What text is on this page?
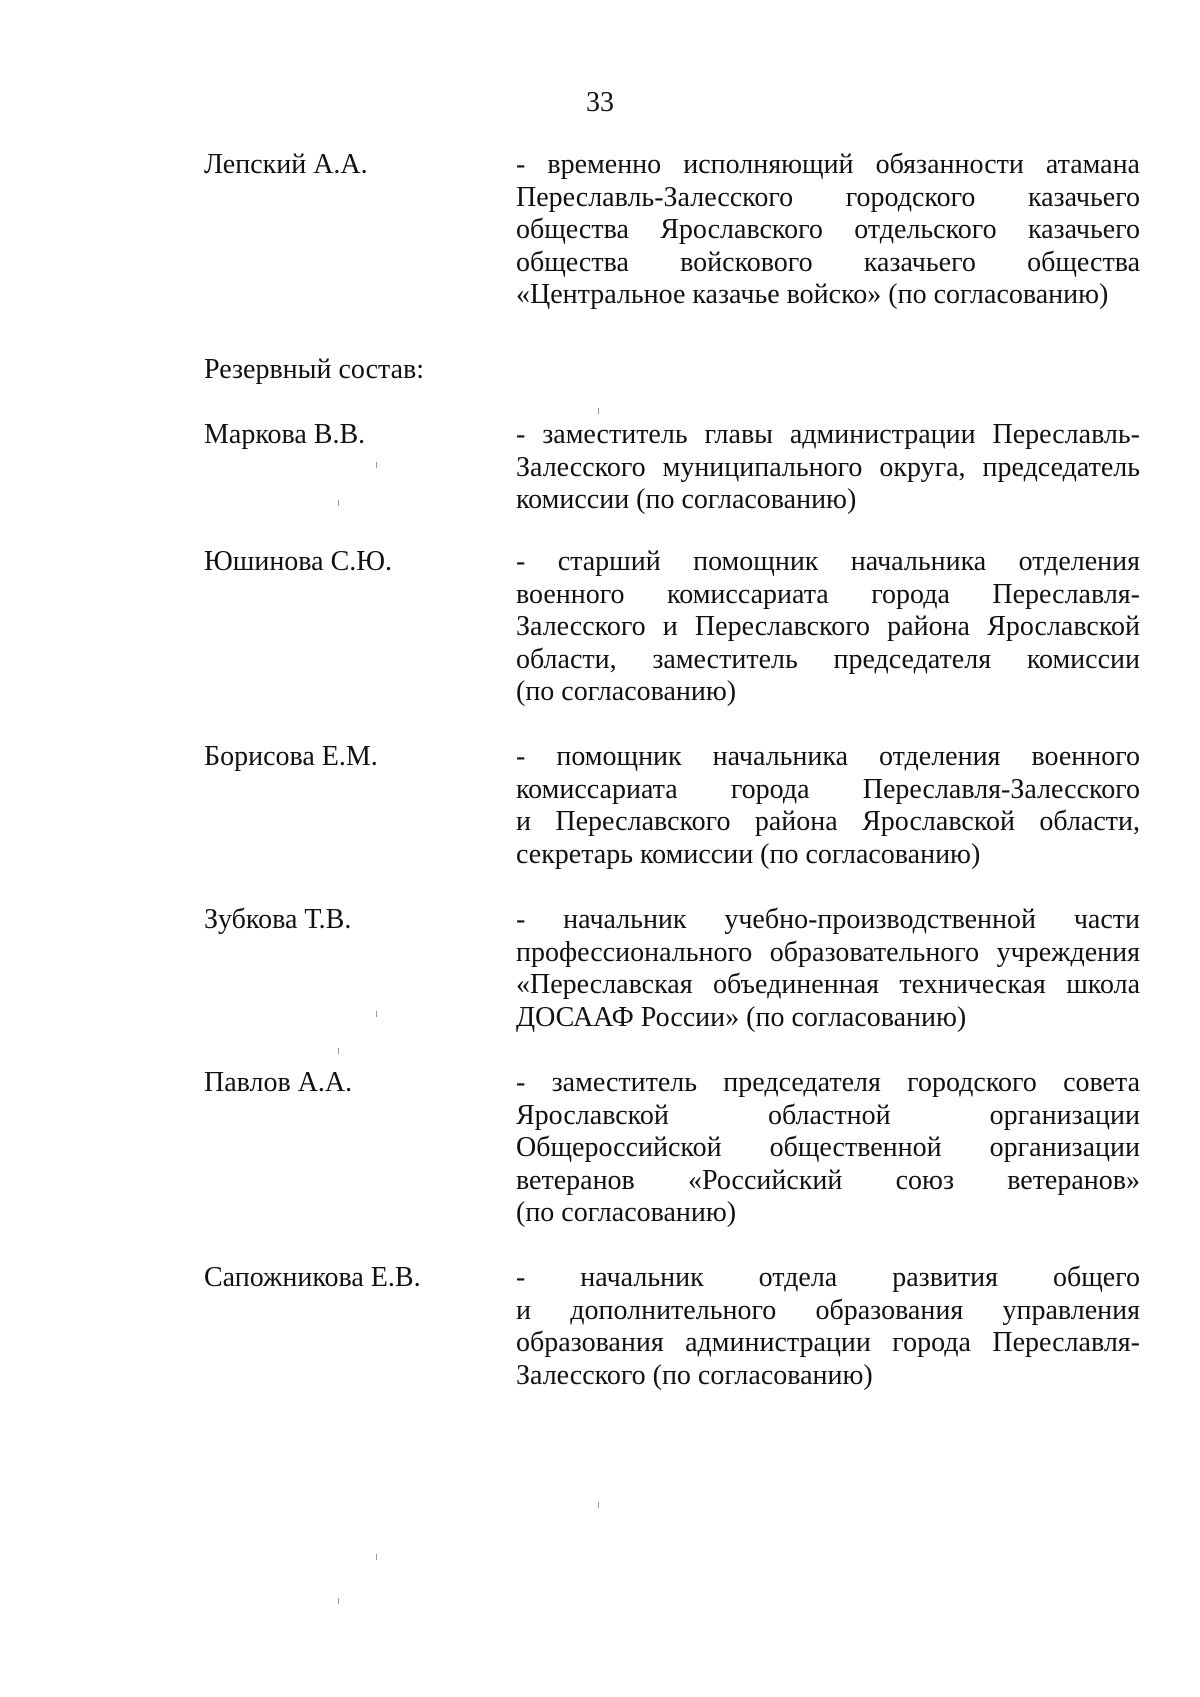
33
Лепский А.А.	- временно исполняющий обязанности атамана
Переславль-Залесского городского казачьего
общества Ярославского отдельского казачьего
общества войскового казачьего общества
«Центральное казачье войско» (по согласованию)
Резервный состав:
Маркова В.В.	- заместитель главы администрации Переславль-
Залесского муниципального округа, председатель
комиссии (по согласованию)
Юшинова С.Ю.	- старший помощник начальника отделения
военного комиссариата города Переславля-
Залесского и Переславского района Ярославской
области, заместитель председателя комиссии
(по согласованию)
Борисова Е.М.	- помощник начальника отделения военного
комиссариата города Переславля-Залесского
и Переславского района Ярославской области,
секретарь комиссии (по согласованию)
Зубкова Т.В.	- начальник учебно-производственной части
профессионального образовательного учреждения
«Переславская объединенная техническая школа
ДОСААФ России» (по согласованию)
Павлов А.А.	- заместитель председателя городского совета
Ярославской областной организации
Общероссийской общественной организации
ветеранов «Российский союз ветеранов»
(по согласованию)
Сапожникова Е.В.	- начальник отдела развития общего
и дополнительного образования управления
образования администрации города Переславля-
Залесского (по согласованию)
